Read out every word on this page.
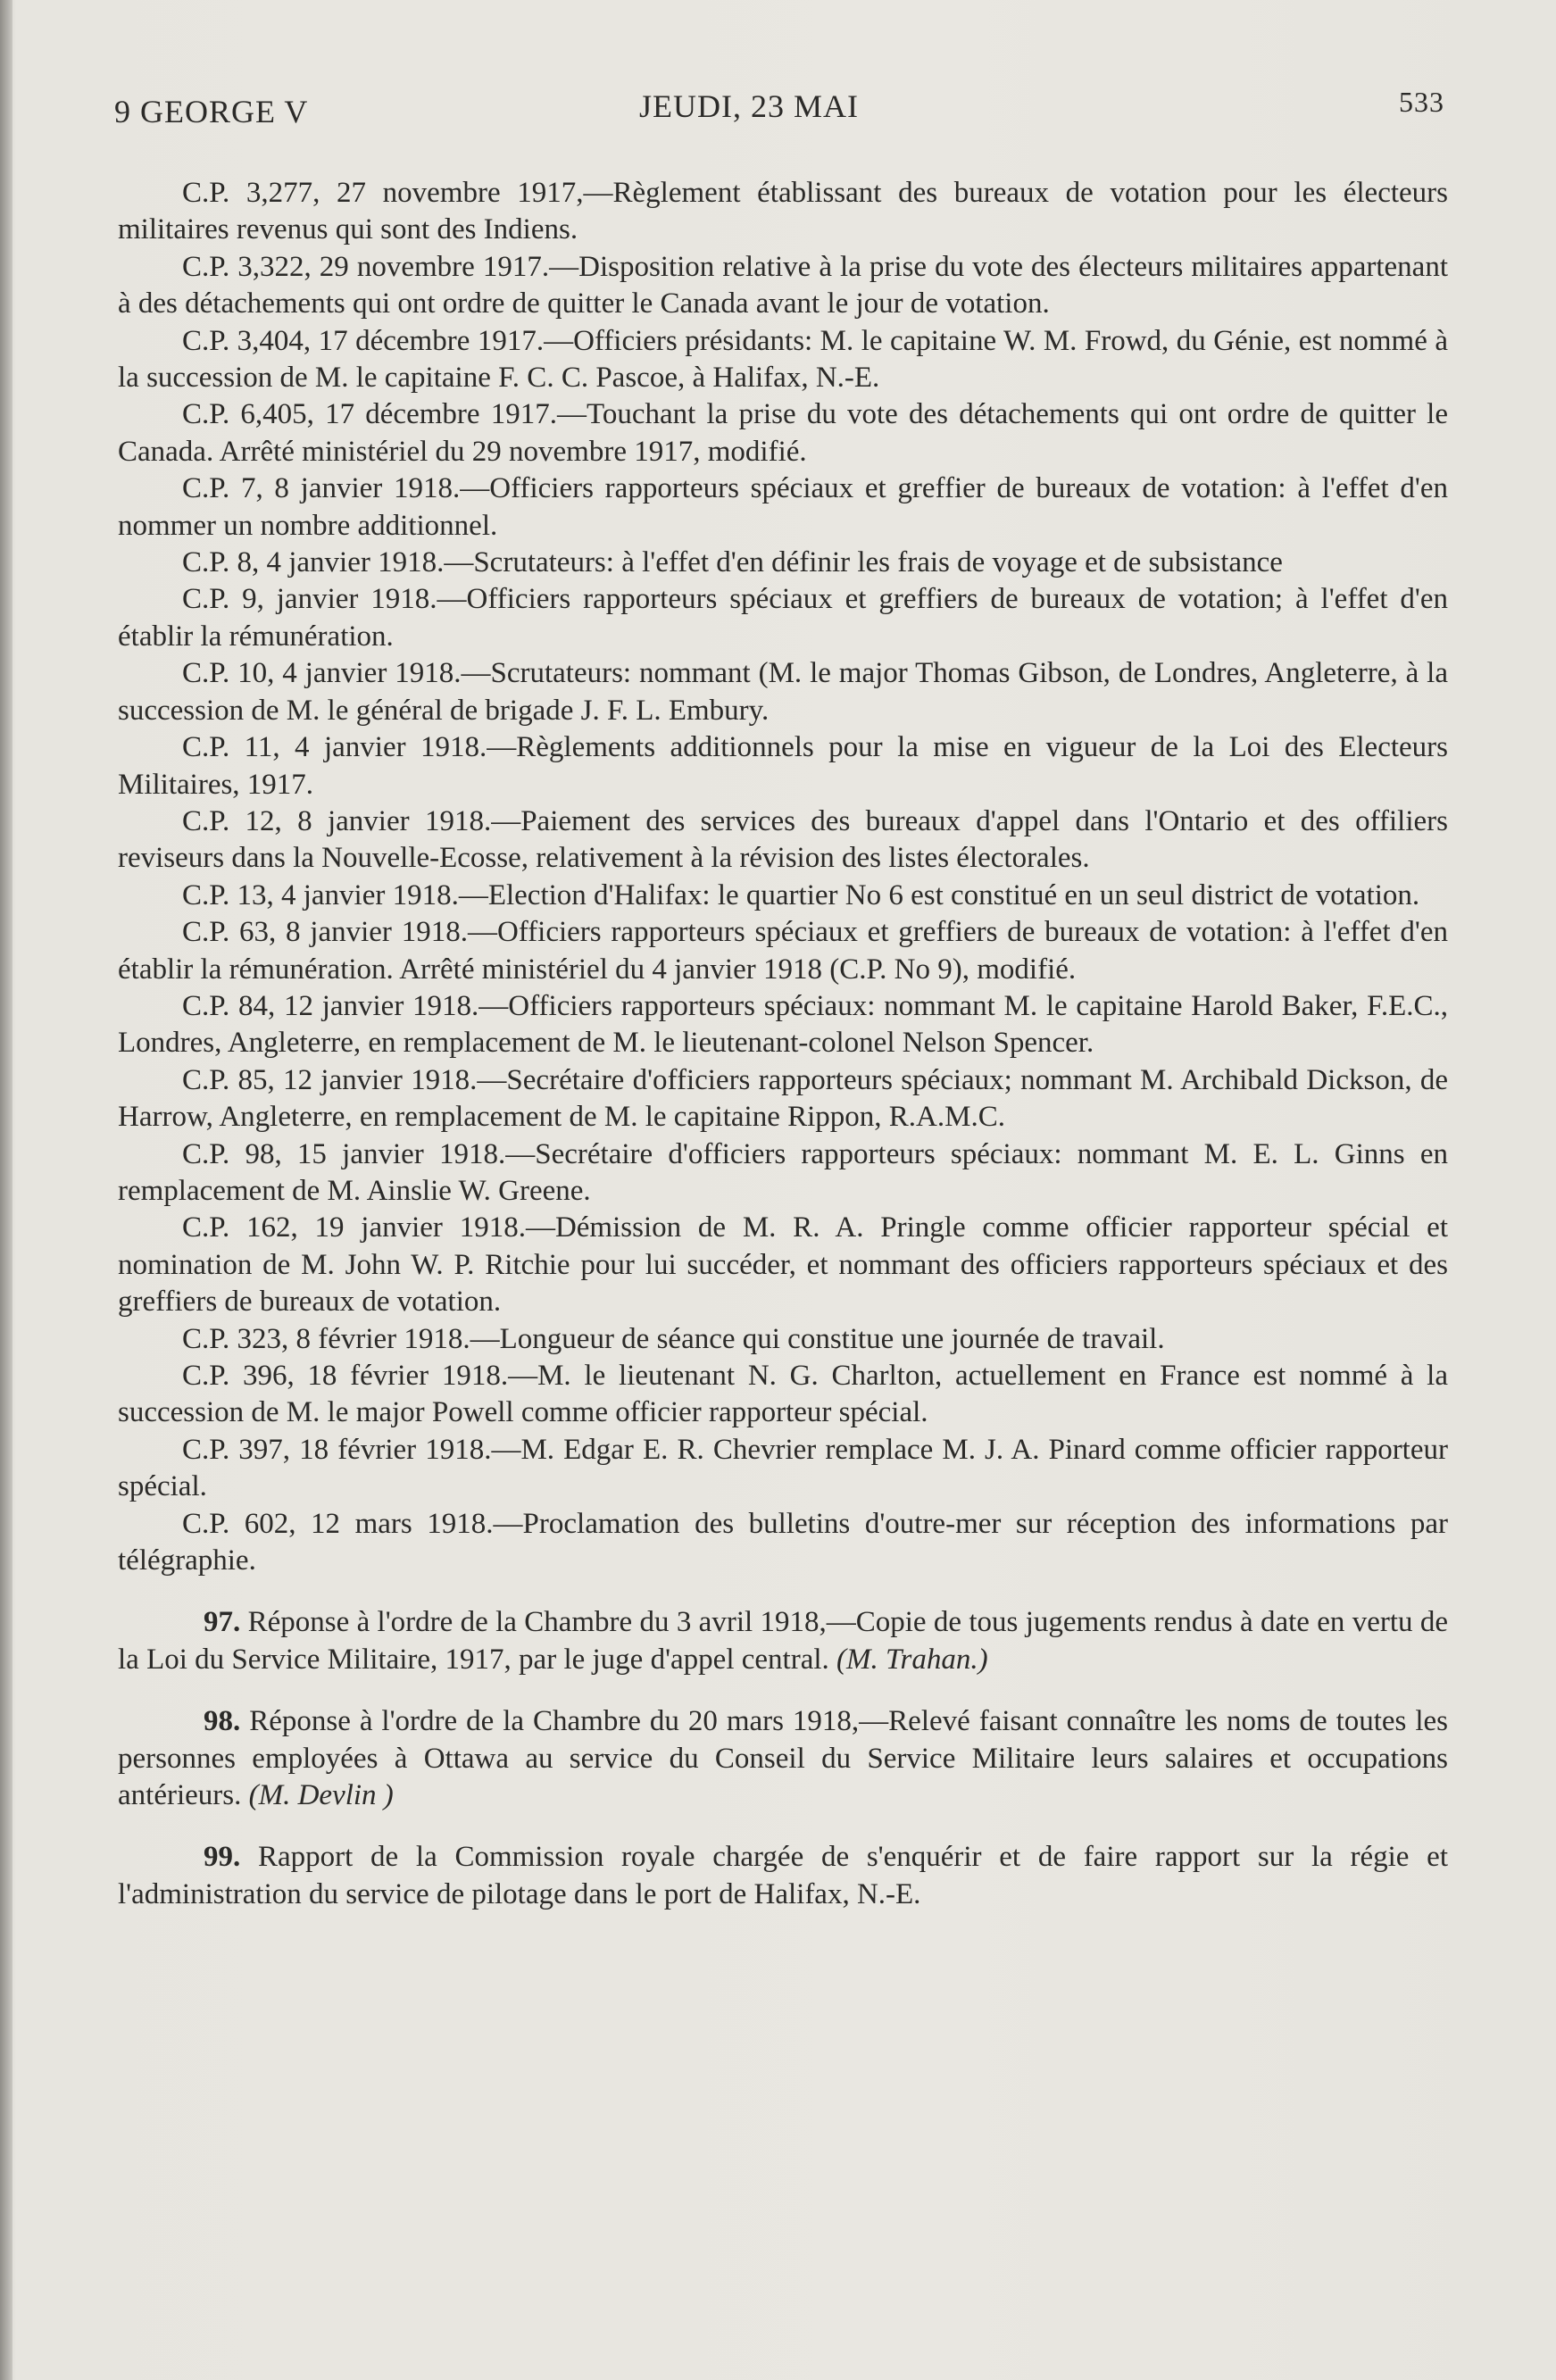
9 GEORGE V	JEUDI, 23 MAI	533

C.P. 3,277, 27 novembre 1917,—Règlement établissant des bureaux de votation pour les électeurs militaires revenus qui sont des Indiens.

C.P. 3,322, 29 novembre 1917.—Disposition relative à la prise du vote des électeurs militaires appartenant à des détachements qui ont ordre de quitter le Canada avant le jour de votation.

C.P. 3,404, 17 décembre 1917.—Officiers présidants: M. le capitaine W. M. Frowd, du Génie, est nommé à la succession de M. le capitaine F. C. C. Pascoe, à Halifax, N.-E.

C.P. 6,405, 17 décembre 1917.—Touchant la prise du vote des détachements qui ont ordre de quitter le Canada. Arrêté ministériel du 29 novembre 1917, modifié.

C.P. 7, 8 janvier 1918.—Officiers rapporteurs spéciaux et greffier de bureaux de votation: à l'effet d'en nommer un nombre additionnel.

C.P. 8, 4 janvier 1918.—Scrutateurs: à l'effet d'en définir les frais de voyage et de subsistance

C.P. 9, janvier 1918.—Officiers rapporteurs spéciaux et greffiers de bureaux de votation; à l'effet d'en établir la rémunération.

C.P. 10, 4 janvier 1918.—Scrutateurs: nommant (M. le major Thomas Gibson, de Londres, Angleterre, à la succession de M. le général de brigade J. F. L. Embury.

C.P. 11, 4 janvier 1918.—Règlements additionnels pour la mise en vigueur de la Loi des Electeurs Militaires, 1917.

C.P. 12, 8 janvier 1918.—Paiement des services des bureaux d'appel dans l'Ontario et des offiliers reviseurs dans la Nouvelle-Ecosse, relativement à la révision des listes électorales.

C.P. 13, 4 janvier 1918.—Election d'Halifax: le quartier No 6 est constitué en un seul district de votation.

C.P. 63, 8 janvier 1918.—Officiers rapporteurs spéciaux et greffiers de bureaux de votation: à l'effet d'en établir la rémunération. Arrêté ministériel du 4 janvier 1918 (C.P. No 9), modifié.

C.P. 84, 12 janvier 1918.—Officiers rapporteurs spéciaux: nommant M. le capitaine Harold Baker, F.E.C., Londres, Angleterre, en remplacement de M. le lieutenant-colonel Nelson Spencer.

C.P. 85, 12 janvier 1918.—Secrétaire d'officiers rapporteurs spéciaux; nommant M. Archibald Dickson, de Harrow, Angleterre, en remplacement de M. le capitaine Rippon, R.A.M.C.

C.P. 98, 15 janvier 1918.—Secrétaire d'officiers rapporteurs spéciaux: nommant M. E. L. Ginns en remplacement de M. Ainslie W. Greene.

C.P. 162, 19 janvier 1918.—Démission de M. R. A. Pringle comme officier rapporteur spécial et nomination de M. John W. P. Ritchie pour lui succéder, et nommant des officiers rapporteurs spéciaux et des greffiers de bureaux de votation.

C.P. 323, 8 février 1918.—Longueur de séance qui constitue une journée de travail.

C.P. 396, 18 février 1918.—M. le lieutenant N. G. Charlton, actuellement en France est nommé à la succession de M. le major Powell comme officier rapporteur spécial.

C.P. 397, 18 février 1918.—M. Edgar E. R. Chevrier remplace M. J. A. Pinard comme officier rapporteur spécial.

C.P. 602, 12 mars 1918.—Proclamation des bulletins d'outre-mer sur réception des informations par télégraphie.

97. Réponse à l'ordre de la Chambre du 3 avril 1918,—Copie de tous jugements rendus à date en vertu de la Loi du Service Militaire, 1917, par le juge d'appel central. (M. Trahan.)

98. Réponse à l'ordre de la Chambre du 20 mars 1918,—Relevé faisant connaître les noms de toutes les personnes employées à Ottawa au service du Conseil du Service Militaire leurs salaires et occupations antérieurs. (M. Devlin )

99. Rapport de la Commission royale chargée de s'enquérir et de faire rapport sur la régie et l'administration du service de pilotage dans le port de Halifax, N.-E.
